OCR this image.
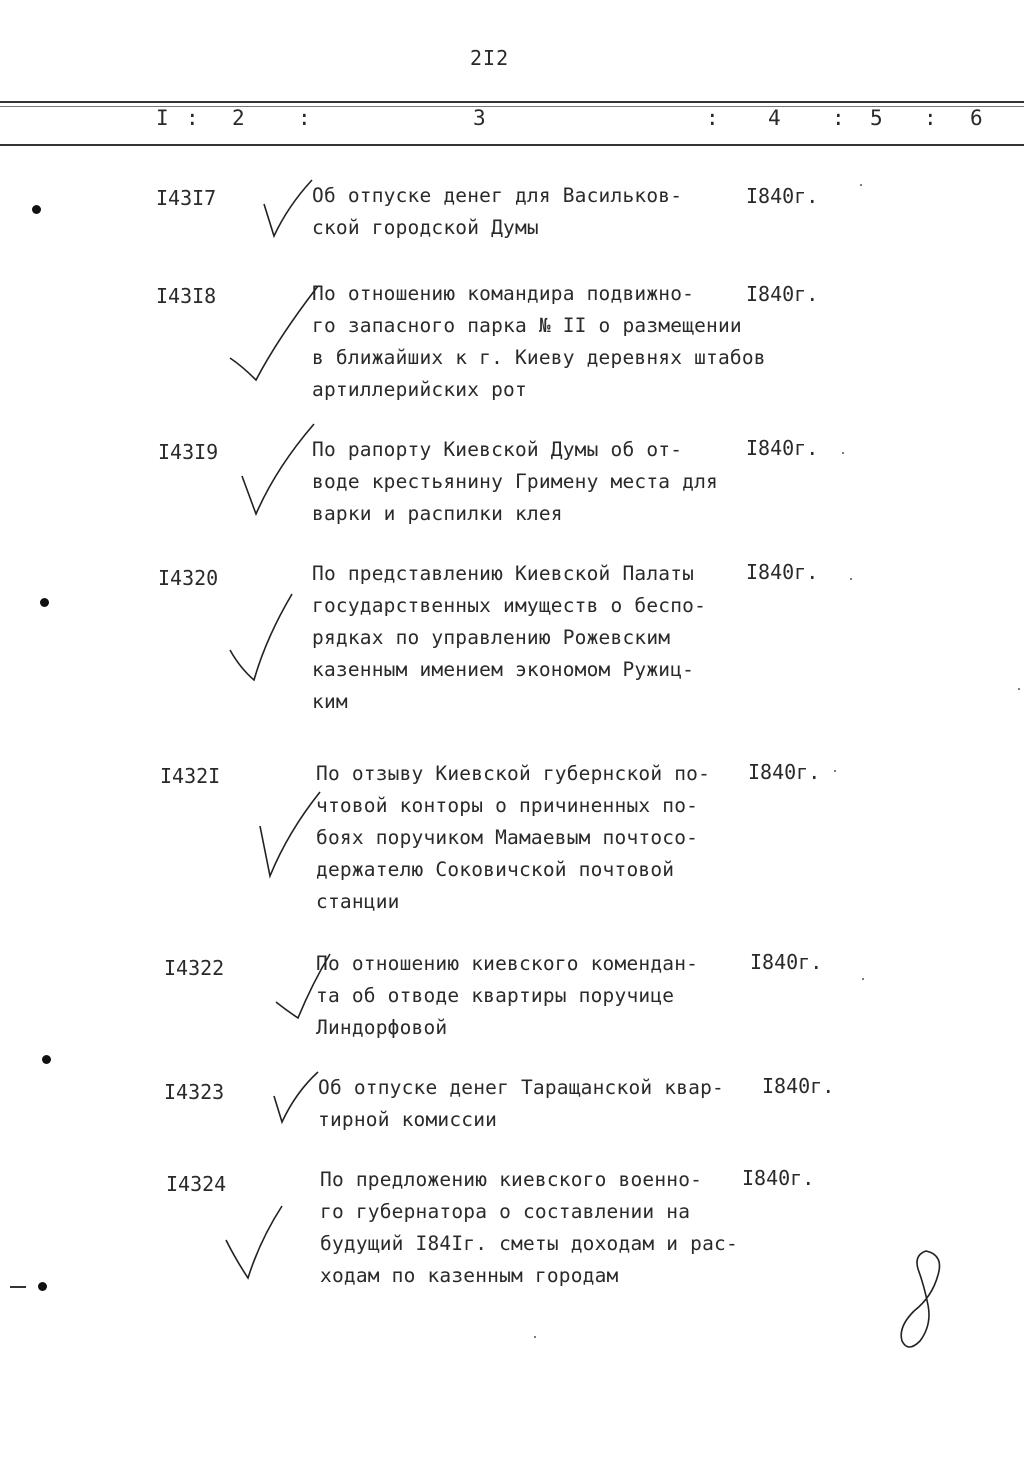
2I2
I : 2	:	3	: 4 : 5 : 6
I43I7	Об отпуске денег для Васильков-
ской городской Думы
I840г.
I43I8	По отношению командира подвижно-
го запасного парка № II о размещении
в ближайших к г. Киеву деревнях штабов
артиллерийских рот
I840г.
I43I9	По рапорту Киевской Думы об от-
воде крестьянину Гримену места для
варки и распилки клея
I840г.
I4320	По представлению Киевской Палаты
государственных имуществ о беспо-
рядках по управлению Рожевским
казенным имением экономом Ружиц-
ким
I840г.
I432I	По отзыву Киевской губернской по-
чтовой конторы о причиненных по-
боях поручиком Мамаевым почтосо-
держателю Соковичской почтовой
станции
I840г.
I4322	По отношению киевского комендан-
та об отводе квартиры поручице
Линдорфовой
I840г.
I4323	Об отпуске денег Таращанской квар-
тирной комиссии
I840г.
I4324	По предложению киевского военно-
го губернатора о составлении на
будущий I84Iг. сметы доходам и рас-
ходам по казенным городам
I840г.
